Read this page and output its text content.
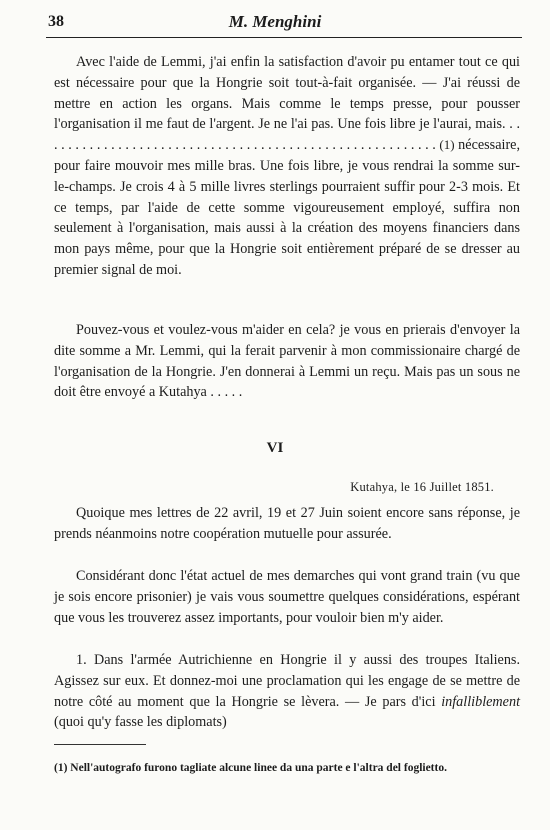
38	M. Menghini

Avec l'aide de Lemmi, j'ai enfin la satisfaction d'avoir pu entamer tout ce qui est nécessaire pour que la Hongrie soit tout-à-fait organisée. — J'ai réussi de mettre en action les organs. Mais comme le temps presse, pour pousser l'organisation il me faut de l'argent. Je ne l'ai pas. Une fois libre je l'aurai, mais. . . . . . . . . . . . . . . . . . . . . . . . . . . . . . . . . . . . . . . . . . . . . . . . . . . . . . . . . (1) nécessaire, pour faire mouvoir mes mille bras. Une fois libre, je vous rendrai la somme sur-le-champs. Je crois 4 à 5 mille livres sterlings pourraient suffir pour 2-3 mois. Et ce temps, par l'aide de cette somme vigoureusement employé, suffira non seulement à l'organisation, mais aussi à la création des moyens financiers dans mon pays même, pour que la Hongrie soit entièrement préparé de se dresser au premier signal de moi.

Pouvez-vous et voulez-vous m'aider en cela? je vous en prierais d'envoyer la dite somme a Mr. Lemmi, qui la ferait parvenir à mon commissionaire chargé de l'organisation de la Hongrie. J'en donnerai à Lemmi un reçu. Mais pas un sous ne doit être envoyé a Kutahya . . . . .

VI
Kutahya, le 16 Juillet 1851.

Quoique mes lettres de 22 avril, 19 et 27 Juin soient encore sans réponse, je prends néanmoins notre coopération mutuelle pour assurée.

Considérant donc l'état actuel de mes demarches qui vont grand train (vu que je sois encore prisonier) je vais vous soumettre quelques considérations, espérant que vous les trouverez assez importants, pour vouloir bien m'y aider.

1. Dans l'armée Autrichienne en Hongrie il y aussi des troupes Italiens. Agissez sur eux. Et donnez-moi une proclamation qui les engage de se mettre de notre côté au moment que la Hongrie se lèvera. — Je pars d'ici infalliblement (quoi qu'y fasse les diplomats)

(1) Nell'autografo furono tagliate alcune linee da una parte e l'altra del foglietto.
